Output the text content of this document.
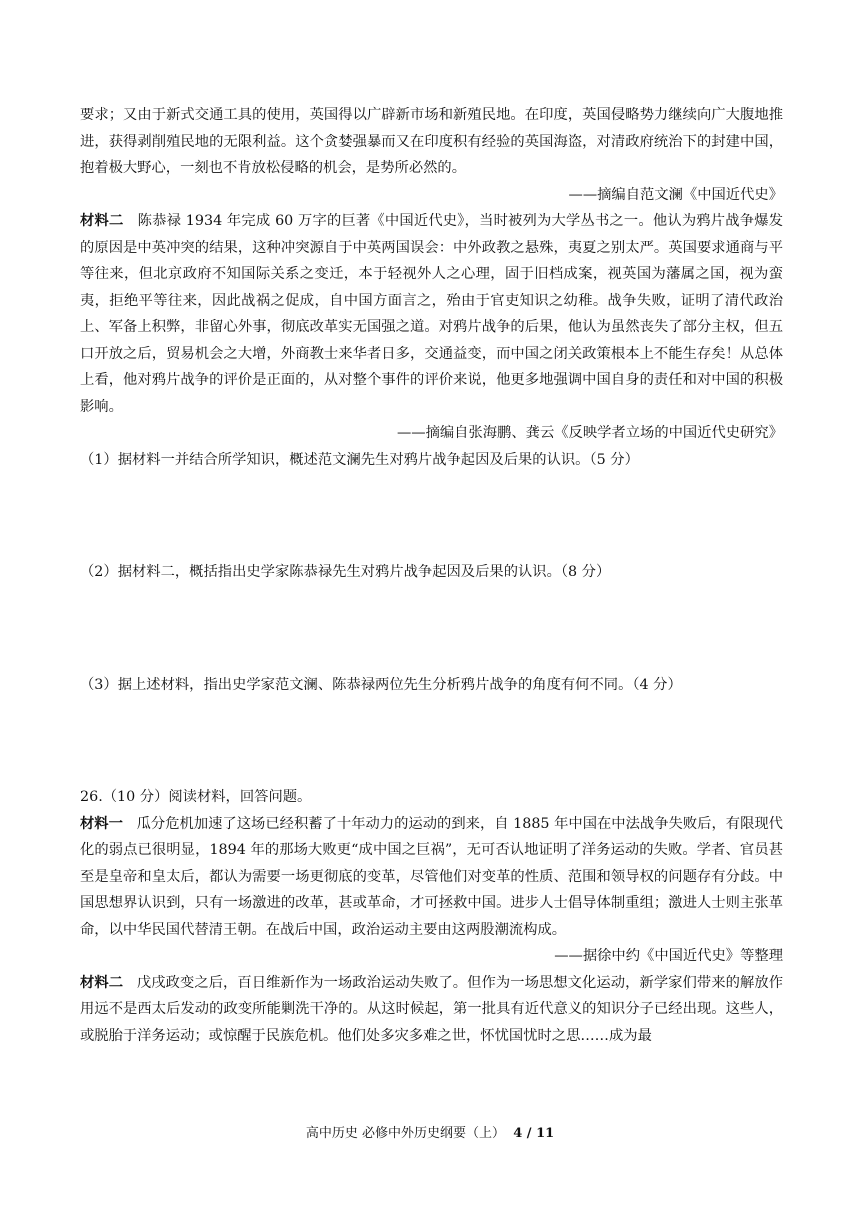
要求；又由于新式交通工具的使用，英国得以广辟新市场和新殖民地。在印度，英国侵略势力继续向广大腹地推进，获得剥削殖民地的无限利益。这个贪婪强暴而又在印度积有经验的英国海盗，对清政府统治下的封建中国，抱着极大野心，一刻也不肯放松侵略的机会，是势所必然的。

——摘编自范文澜《中国近代史》

材料二 陈恭禄 1934 年完成 60 万字的巨著《中国近代史》，当时被列为大学丛书之一。他认为鸦片战争爆发的原因是中英冲突的结果，这种冲突源自于中英两国误会：中外政教之悬殊，夷夏之别太严。英国要求通商与平等往来，但北京政府不知国际关系之变迁，本于轻视外人之心理，固于旧档成案，视英国为藩属之国，视为蛮夷，拒绝平等往来，因此战祸之促成，自中国方面言之，殆由于官吏知识之幼稚。战争失败，证明了清代政治上、军备上积弊，非留心外事，彻底改革实无国强之道。对鸦片战争的后果，他认为虽然丧失了部分主权，但五口开放之后，贸易机会之大增，外商教士来华者日多，交通益变，而中国之闭关政策根本上不能生存矣！从总体上看，他对鸦片战争的评价是正面的，从对整个事件的评价来说，他更多地强调中国自身的责任和对中国的积极影响。

——摘编自张海鹏、龚云《反映学者立场的中国近代史研究》

（1）据材料一并结合所学知识，概述范文澜先生对鸦片战争起因及后果的认识。（5 分）

（2）据材料二，概括指出史学家陈恭禄先生对鸦片战争起因及后果的认识。（8 分）

（3）据上述材料，指出史学家范文澜、陈恭禄两位先生分析鸦片战争的角度有何不同。（4 分）

26.（10 分）阅读材料，回答问题。

材料一 瓜分危机加速了这场已经积蓄了十年动力的运动的到来，自 1885 年中国在中法战争失败后，有限现代化的弱点已很明显，1894 年的那场大败更“成中国之巨祸”，无可否认地证明了洋务运动的失败。学者、官员甚至是皇帝和皇太后，都认为需要一场更彻底的变革，尽管他们对变革的性质、范围和领导权的问题存有分歧。中国思想界认识到，只有一场激进的改革，甚或革命，才可拯救中国。进步人士倡导体制重组；激进人士则主张革命，以中华民国代替清王朝。在战后中国，政治运动主要由这两股潮流构成。

——据徐中约《中国近代史》等整理

材料二 戊戌政变之后，百日维新作为一场政治运动失败了。但作为一场思想文化运动，新学家们带来的解放作用远不是西太后发动的政变所能剿洗干净的。从这时候起，第一批具有近代意义的知识分子已经出现。这些人，或脱胎于洋务运动；或惊醒于民族危机。他们处多灾多难之世，怀忧国忧时之思……成为最

高中历史 必修中外历史纲要（上） 4 / 11
